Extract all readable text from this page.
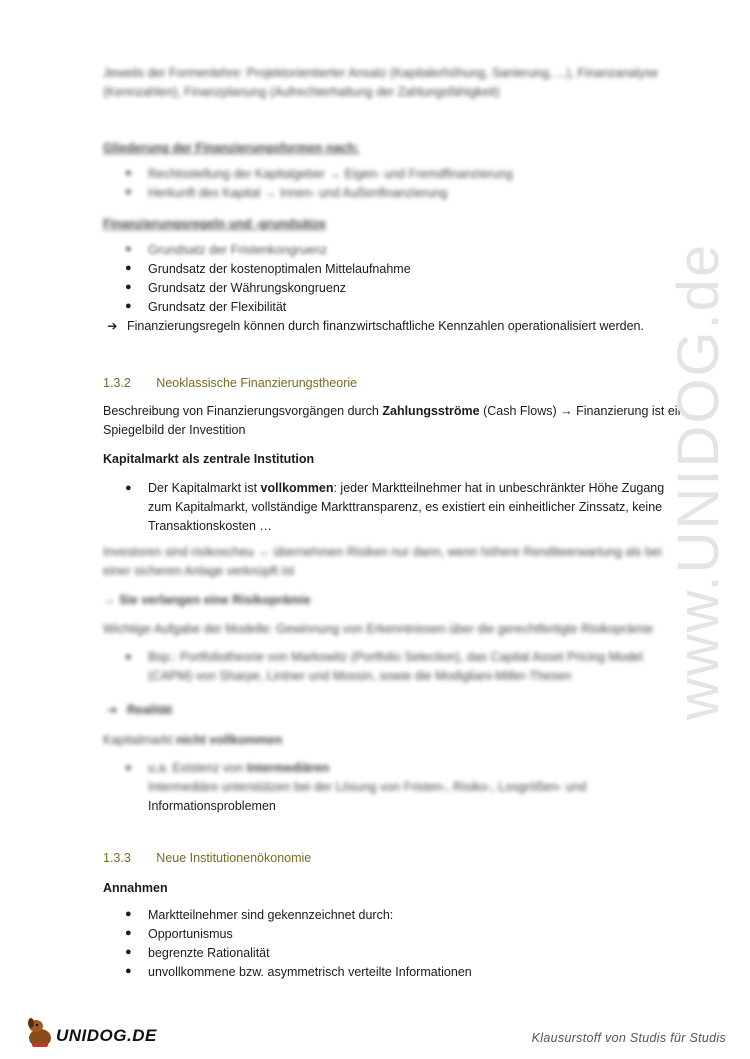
Jeweils der Formenlehre: Projektorientierter Ansatz (Kapitalerhöhung, Sanierung, ...), Finanzanalyse
(Kennzahlen), Finanzplanung (Aufrechterhaltung der Zahlungsfähigkeit)
Gliederung der Finanzierungsformen nach:
● Rechtsstellung der Kapitalgeber → Eigen- und Fremdfinanzierung
● Herkunft des Kapital → Innen- und Außenfinanzierung
Finanzierungsregeln und -grundsätze
● Grundsatz der Fristenkongruenz
● Grundsatz der kostenoptimalen Mittelaufnahme
● Grundsatz der Währungskongruenz
● Grundsatz der Flexibilität
➔ Finanzierungsregeln können durch finanzwirtschaftliche Kennzahlen operationalisiert werden.
1.3.2 Neoklassische Finanzierungstheorie
Beschreibung von Finanzierungsvorgängen durch Zahlungsströme (Cash Flows) → Finanzierung ist ein
Spiegelbild der Investition
Kapitalmarkt als zentrale Institution
● Der Kapitalmarkt ist vollkommen: jeder Marktteilnehmer hat in unbeschränkter Höhe Zugang
zum Kapitalmarkt, vollständige Markttransparenz, es existiert ein einheitlicher Zinssatz, keine
Transaktionskosten …
Investoren sind risikoscheu → übernehmen Risiken nur dann, wenn höhere Renditeerwartung als bei
einer sicheren Anlage verknüpft ist
→ Sie verlangen eine Risikoprämie
Wichtige Aufgabe der Modelle: Gewinnung von Erkenntnissen über die gerechtfertigte Risikoprämie
● Bsp.: Portfoliotheorie von Markowitz (Portfolio Selection), das Capital Asset Pricing Model
(CAPM) von Sharpe, Lintner und Mossin, sowie die Modigliani-Miller-Thesen
➔ Realität
Kapitalmarkt nicht vollkommen
● u.a. Existenz von Intermediären
Intermediäre unterstützen bei der Lösung von Fristen-, Risiko-, Losgrößen- und
Informationsproblemen
1.3.3 Neue Institutionenökonomie
Annahmen
● Marktteilnehmer sind gekennzeichnet durch:
● Opportunismus
● begrenzte Rationalität
● unvollkommene bzw. asymmetrisch verteilte Informationen
www.UNIDOG.de
UNIDOG.DE	Klausurstoff von Studis für Studis
